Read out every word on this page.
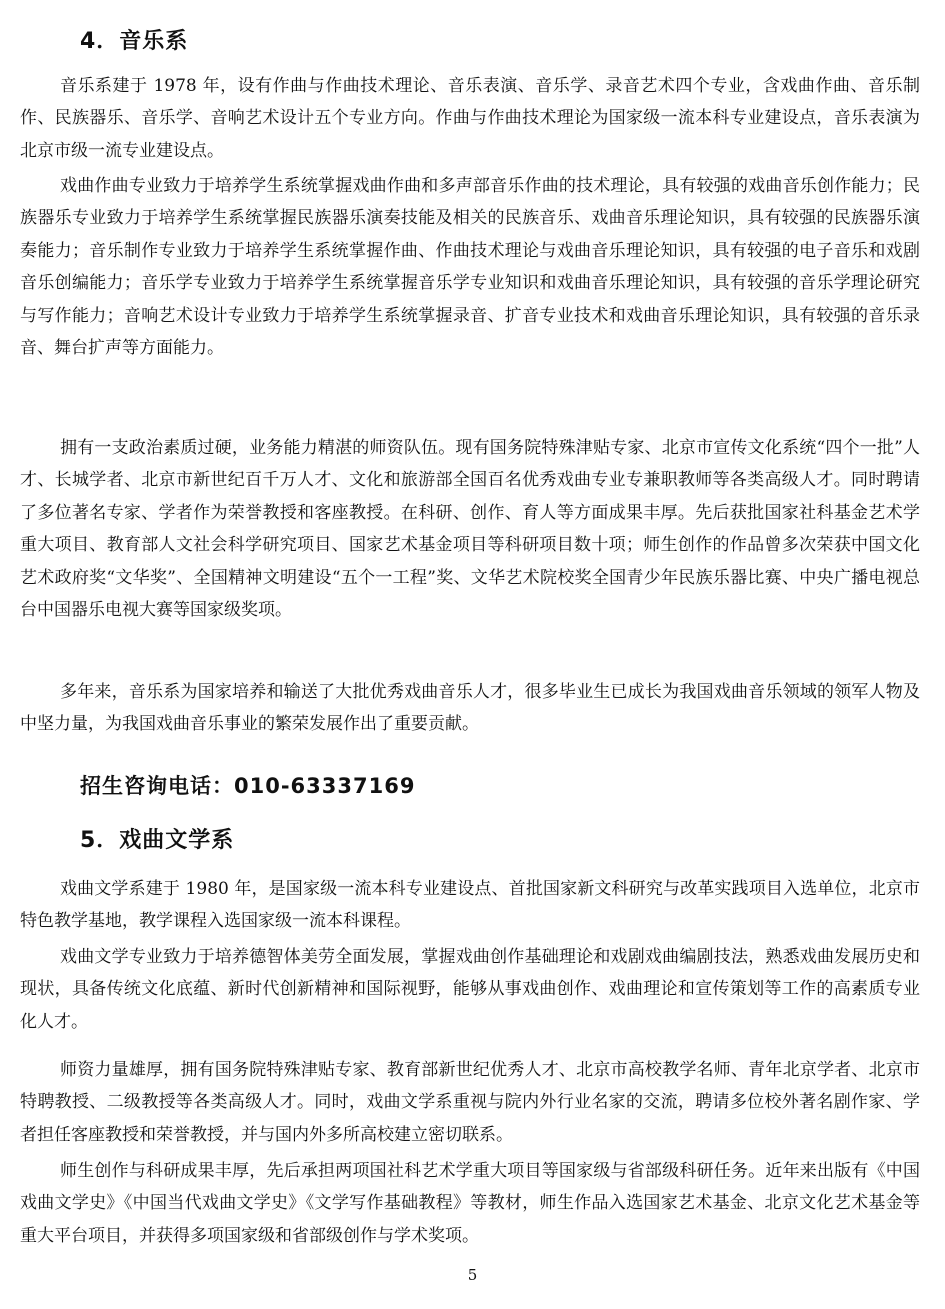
4．音乐系

音乐系建于 1978 年，设有作曲与作曲技术理论、音乐表演、音乐学、录音艺术四个专业，含戏曲作曲、音乐制作、民族器乐、音乐学、音响艺术设计五个专业方向。作曲与作曲技术理论为国家级一流本科专业建设点，音乐表演为北京市级一流专业建设点。

戏曲作曲专业致力于培养学生系统掌握戏曲作曲和多声部音乐作曲的技术理论，具有较强的戏曲音乐创作能力；民族器乐专业致力于培养学生系统掌握民族器乐演奏技能及相关的民族音乐、戏曲音乐理论知识，具有较强的民族器乐演奏能力；音乐制作专业致力于培养学生系统掌握作曲、作曲技术理论与戏曲音乐理论知识，具有较强的电子音乐和戏剧音乐创编能力；音乐学专业致力于培养学生系统掌握音乐学专业知识和戏曲音乐理论知识，具有较强的音乐学理论研究与写作能力；音响艺术设计专业致力于培养学生系统掌握录音、扩音专业技术和戏曲音乐理论知识，具有较强的音乐录音、舞台扩声等方面能力。

拥有一支政治素质过硬，业务能力精湛的师资队伍。现有国务院特殊津贴专家、北京市宣传文化系统“四个一批”人才、长城学者、北京市新世纪百千万人才、文化和旅游部全国百名优秀戏曲专业专兼职教师等各类高级人才。同时聘请了多位著名专家、学者作为荣誉教授和客座教授。在科研、创作、育人等方面成果丰厚。先后获批国家社科基金艺术学重大项目、教育部人文社会科学研究项目、国家艺术基金项目等科研项目数十项；师生创作的作品曾多次荣获中国文化艺术政府奖“文华奖”、全国精神文明建设“五个一工程”奖、文华艺术院校奖全国青少年民族乐器比赛、中央广播电视总台中国器乐电视大赛等国家级奖项。

多年来，音乐系为国家培养和输送了大批优秀戏曲音乐人才，很多毕业生已成长为我国戏曲音乐领域的领军人物及中坚力量，为我国戏曲音乐事业的繁荣发展作出了重要贡献。

招生咨询电话：010-63337169
5．戏曲文学系

戏曲文学系建于 1980 年，是国家级一流本科专业建设点、首批国家新文科研究与改革实践项目入选单位，北京市特色教学基地，教学课程入选国家级一流本科课程。

戏曲文学专业致力于培养德智体美劳全面发展，掌握戏曲创作基础理论和戏剧戏曲编剧技法，熟悉戏曲发展历史和现状，具备传统文化底蕴、新时代创新精神和国际视野，能够从事戏曲创作、戏曲理论和宣传策划等工作的高素质专业化人才。

师资力量雄厚，拥有国务院特殊津贴专家、教育部新世纪优秀人才、北京市高校教学名师、青年北京学者、北京市特聘教授、二级教授等各类高级人才。同时，戏曲文学系重视与院内外行业名家的交流，聘请多位校外著名剧作家、学者担任客座教授和荣誉教授，并与国内外多所高校建立密切联系。

师生创作与科研成果丰厚，先后承担两项国社科艺术学重大项目等国家级与省部级科研任务。近年来出版有《中国戏曲文学史》《中国当代戏曲文学史》《文学写作基础教程》等教材，师生作品入选国家艺术基金、北京文化艺术基金等重大平台项目，并获得多项国家级和省部级创作与学术奖项。

5
